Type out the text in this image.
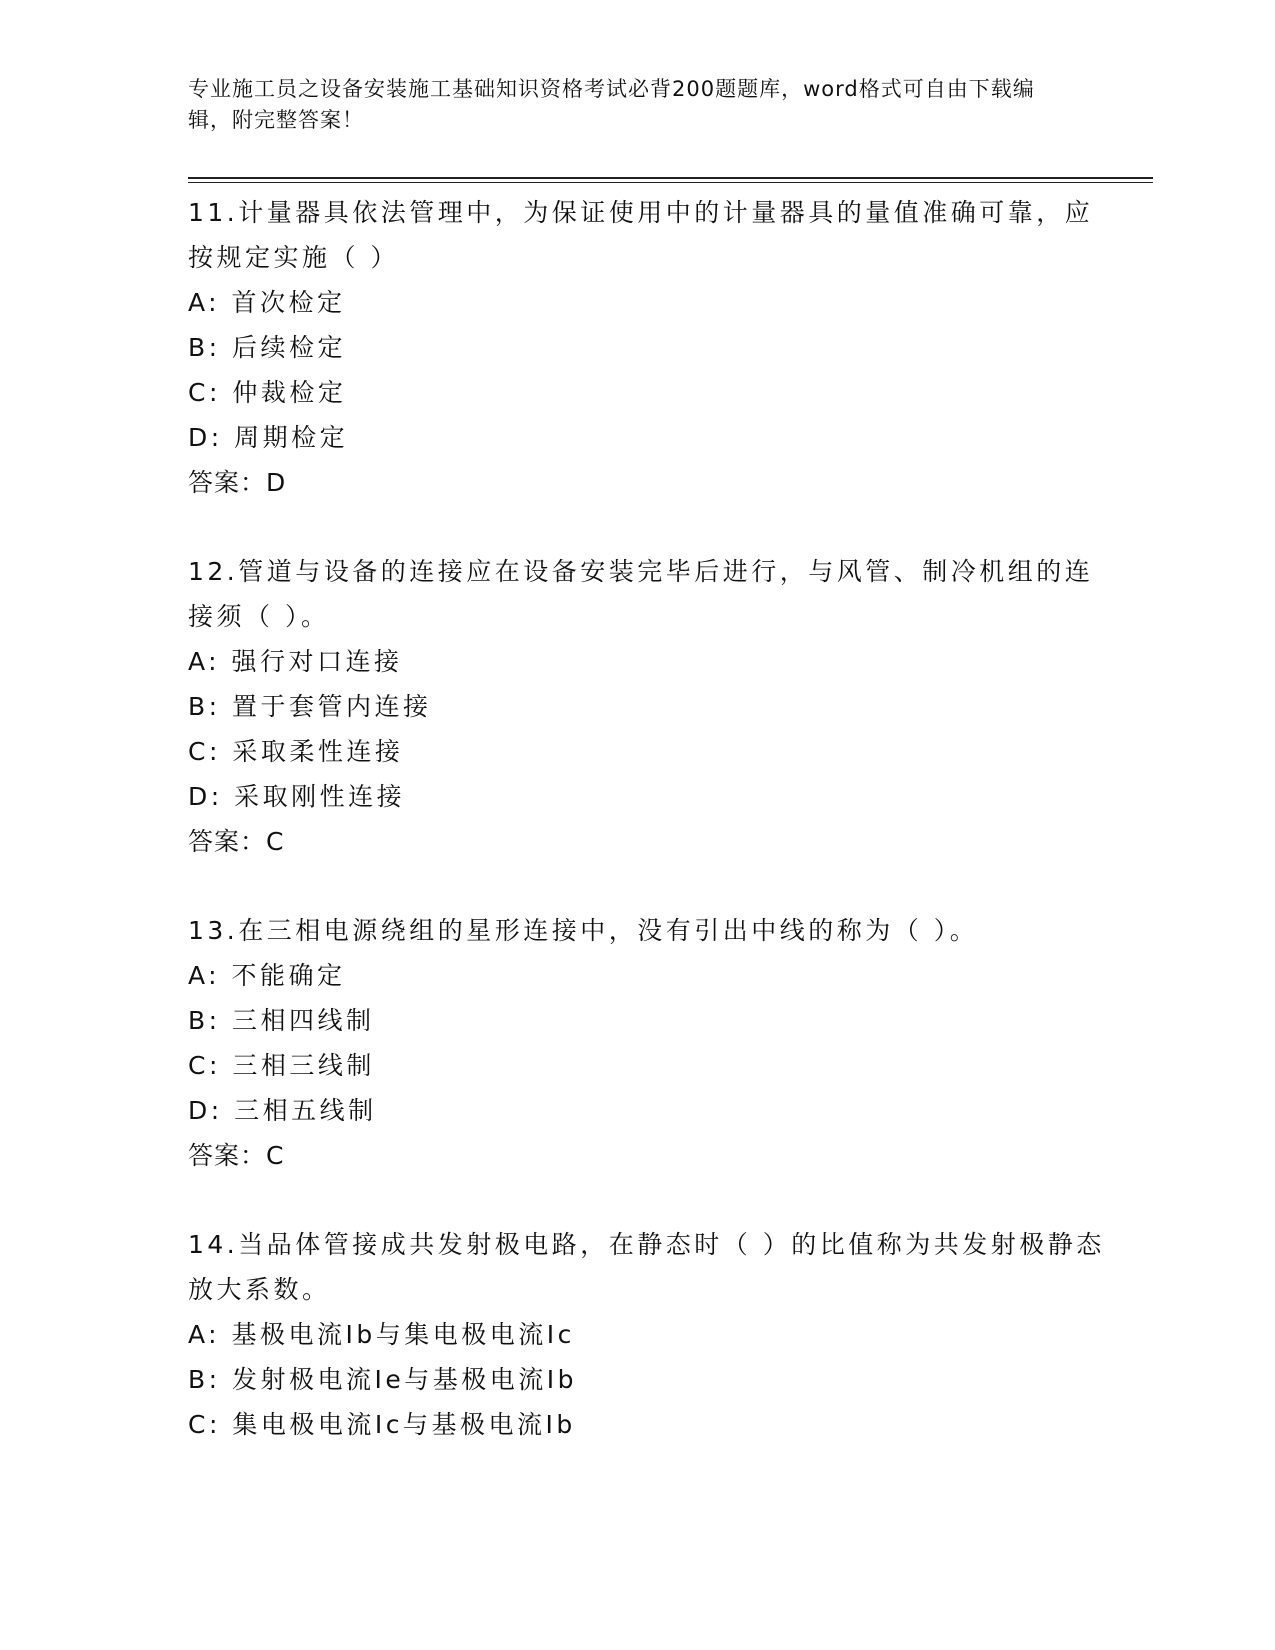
专业施工员之设备安装施工基础知识资格考试必背200题题库，word格式可自由下载编辑，附完整答案！

11.计量器具依法管理中，为保证使用中的计量器具的量值准确可靠，应按规定实施（ ）

A: 首次检定
B: 后续检定
C: 仲裁检定
D: 周期检定
答案：D

12.管道与设备的连接应在设备安装完毕后进行，与风管、制冷机组的连接须（ ）。

A: 强行对口连接
B: 置于套管内连接
C: 采取柔性连接
D: 采取刚性连接
答案：C

13.在三相电源绕组的星形连接中，没有引出中线的称为（ ）。

A: 不能确定
B: 三相四线制
C: 三相三线制
D: 三相五线制
答案：C

14.当品体管接成共发射极电路，在静态时（ ）的比值称为共发射极静态放大系数。

A: 基极电流Ib与集电极电流Ic
B: 发射极电流Ie与基极电流Ib
C: 集电极电流Ic与基极电流Ib
